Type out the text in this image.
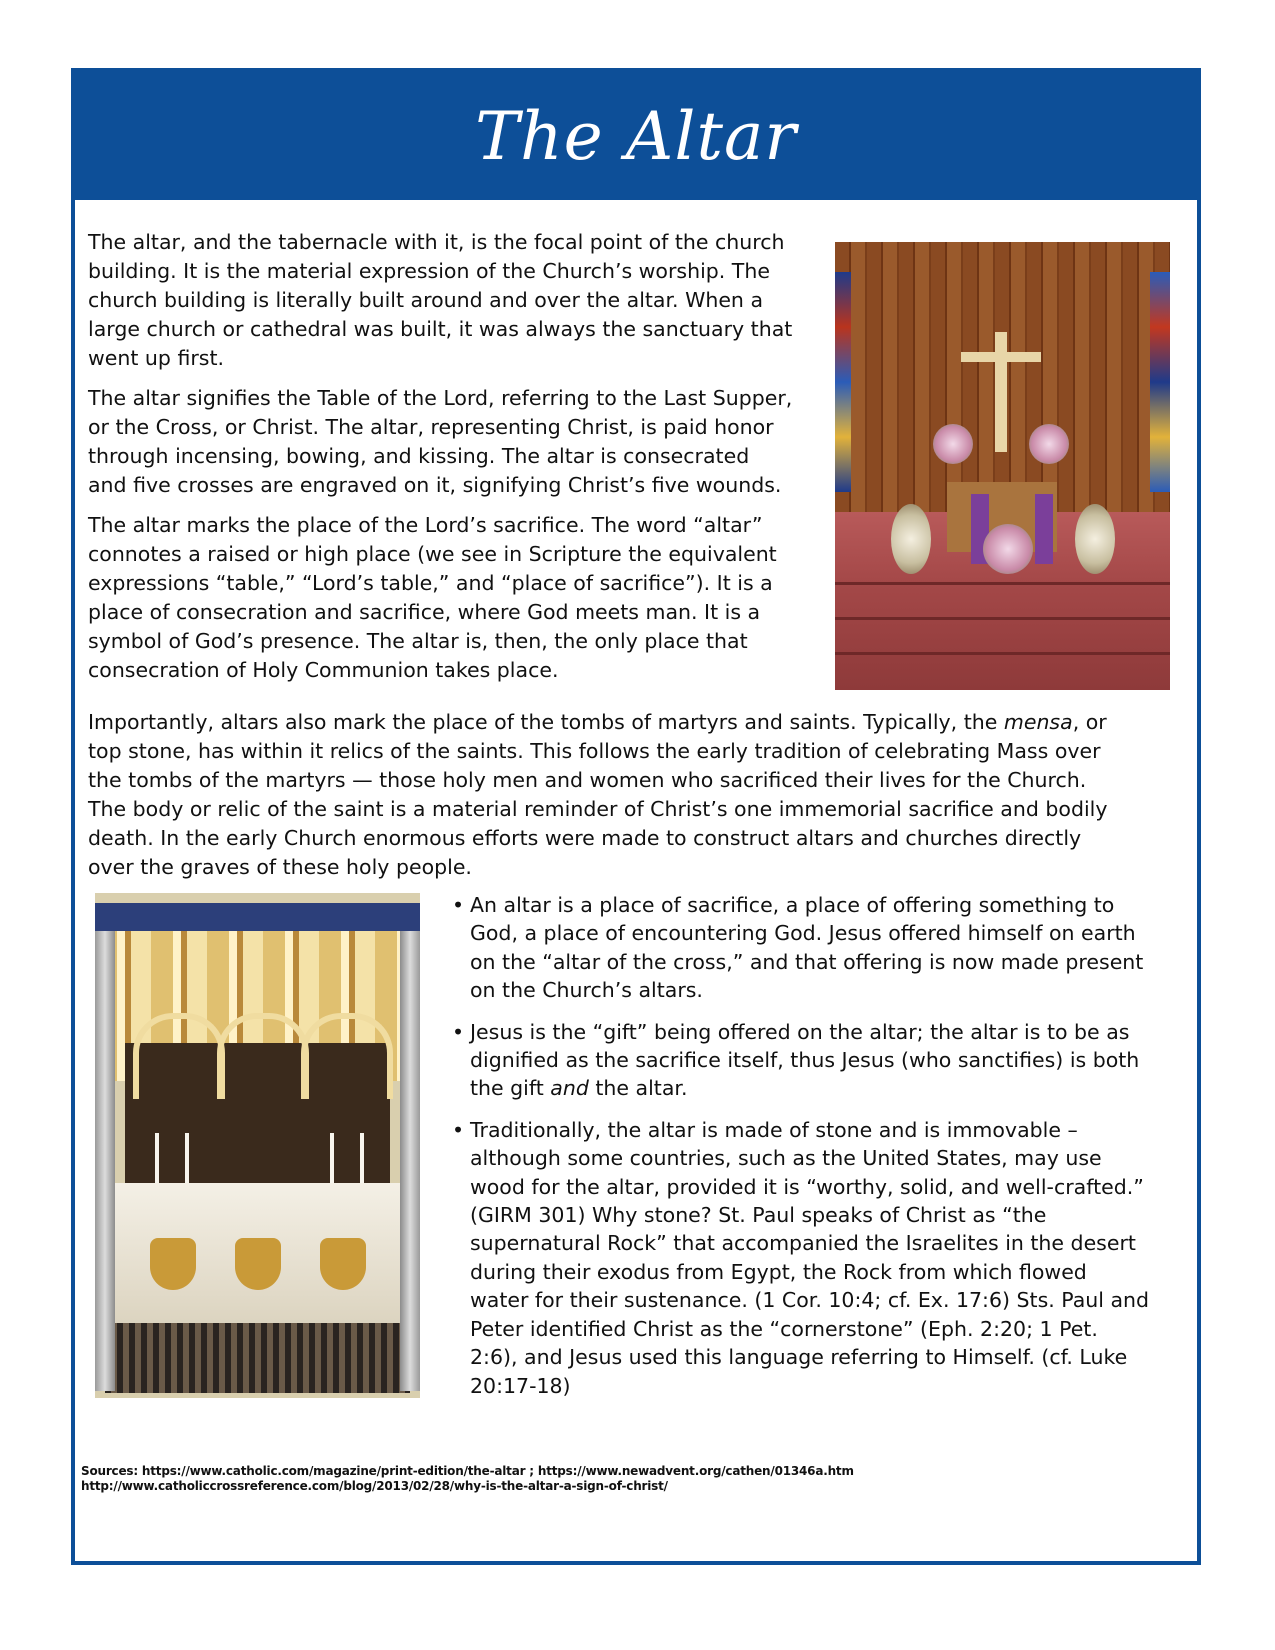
The Altar

The altar, and the tabernacle with it, is the focal point of the church building. It is the material expression of the Church’s worship. The church building is literally built around and over the altar. When a large church or cathedral was built, it was always the sanctuary that went up first.

The altar signifies the Table of the Lord, referring to the Last Supper, or the Cross, or Christ. The altar, representing Christ, is paid honor through incensing, bowing, and kissing. The altar is consecrated and five crosses are engraved on it, signifying Christ’s five wounds.

The altar marks the place of the Lord’s sacrifice. The word “altar” connotes a raised or high place (we see in Scripture the equivalent expressions “table,” “Lord’s table,” and “place of sacrifice”). It is a place of consecration and sacrifice, where God meets man. It is a symbol of God’s presence. The altar is, then, the only place that consecration of Holy Communion takes place.

Importantly, altars also mark the place of the tombs of martyrs and saints. Typically, the mensa, or top stone, has within it relics of the saints. This follows the early tradition of celebrating Mass over the tombs of the martyrs — those holy men and women who sacrificed their lives for the Church. The body or relic of the saint is a material reminder of Christ’s one immemorial sacrifice and bodily death. In the early Church enormous efforts were made to construct altars and churches directly over the graves of these holy people.

• An altar is a place of sacrifice, a place of offering something to God, a place of encountering God. Jesus offered himself on earth on the “altar of the cross,” and that offering is now made present on the Church’s altars.
• Jesus is the “gift” being offered on the altar; the altar is to be as dignified as the sacrifice itself, thus Jesus (who sanctifies) is both the gift and the altar.
• Traditionally, the altar is made of stone and is immovable – although some countries, such as the United States, may use wood for the altar, provided it is “worthy, solid, and well-crafted.” (GIRM 301) Why stone? St. Paul speaks of Christ as “the supernatural Rock” that accompanied the Israelites in the desert during their exodus from Egypt, the Rock from which flowed water for their sustenance. (1 Cor. 10:4; cf. Ex. 17:6) Sts. Paul and Peter identified Christ as the “cornerstone” (Eph. 2:20; 1 Pet. 2:6), and Jesus used this language referring to Himself. (cf. Luke 20:17-18)
Sources: https://www.catholic.com/magazine/print-edition/the-altar ; https://www.newadvent.org/cathen/01346a.htm
http://www.catholiccrossreference.com/blog/2013/02/28/why-is-the-altar-a-sign-of-christ/
